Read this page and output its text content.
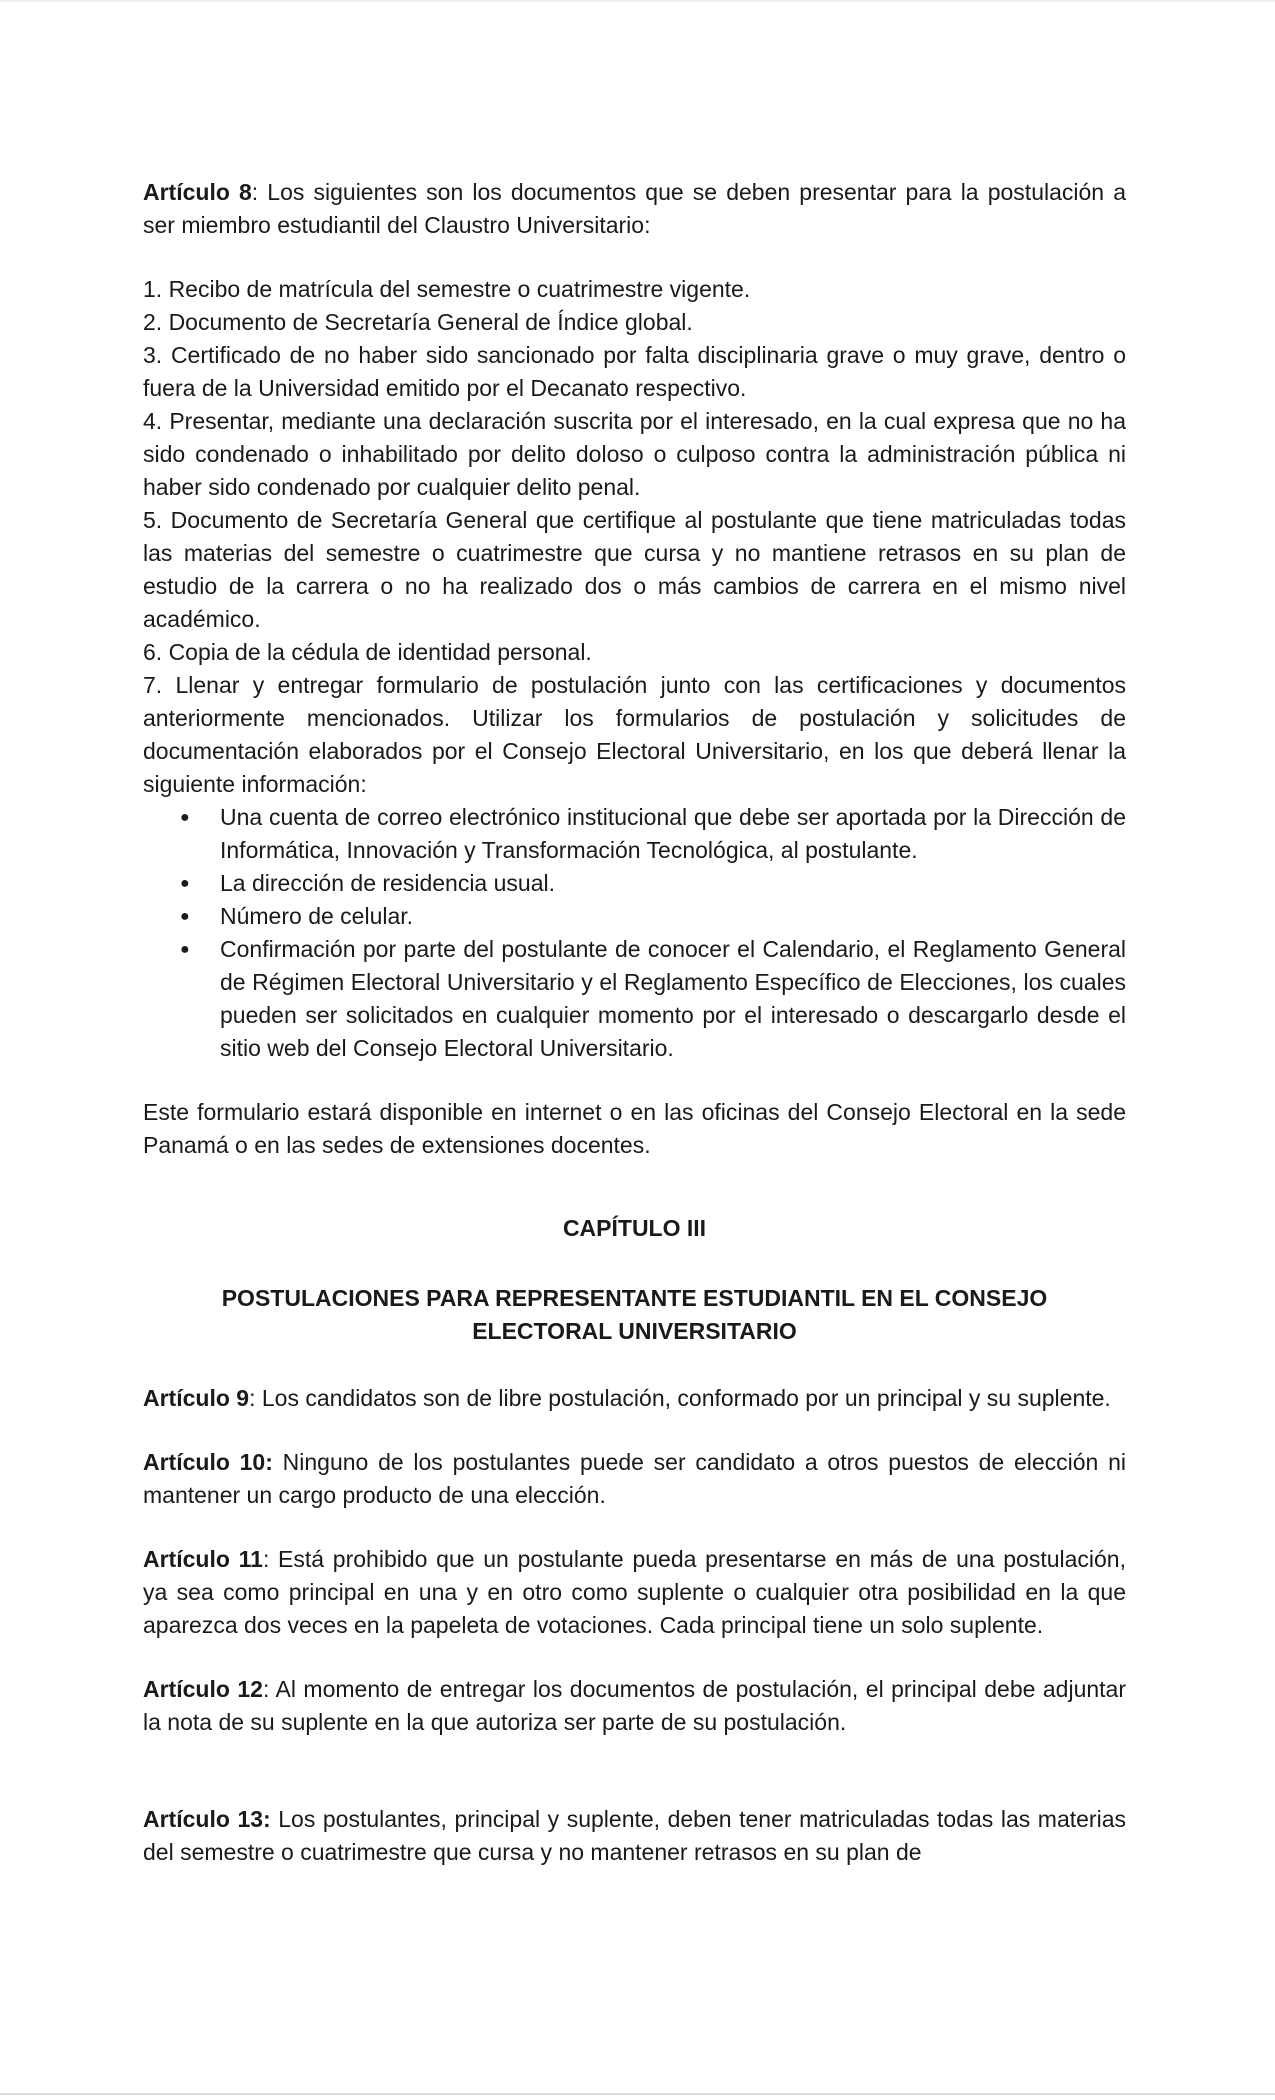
Artículo 8: Los siguientes son los documentos que se deben presentar para la postulación a ser miembro estudiantil del Claustro Universitario:

1. Recibo de matrícula del semestre o cuatrimestre vigente.
2. Documento de Secretaría General de Índice global.
3. Certificado de no haber sido sancionado por falta disciplinaria grave o muy grave, dentro o fuera de la Universidad emitido por el Decanato respectivo.
4. Presentar, mediante una declaración suscrita por el interesado, en la cual expresa que no ha sido condenado o inhabilitado por delito doloso o culposo contra la administración pública ni haber sido condenado por cualquier delito penal.
5. Documento de Secretaría General que certifique al postulante que tiene matriculadas todas las materias del semestre o cuatrimestre que cursa y no mantiene retrasos en su plan de estudio de la carrera o no ha realizado dos o más cambios de carrera en el mismo nivel académico.
6. Copia de la cédula de identidad personal.
7. Llenar y entregar formulario de postulación junto con las certificaciones y documentos anteriormente mencionados. Utilizar los formularios de postulación y solicitudes de documentación elaborados por el Consejo Electoral Universitario, en los que deberá llenar la siguiente información:
● Una cuenta de correo electrónico institucional que debe ser aportada por la Dirección de Informática, Innovación y Transformación Tecnológica, al postulante.
● La dirección de residencia usual.
● Número de celular.
● Confirmación por parte del postulante de conocer el Calendario, el Reglamento General de Régimen Electoral Universitario y el Reglamento Específico de Elecciones, los cuales pueden ser solicitados en cualquier momento por el interesado o descargarlo desde el sitio web del Consejo Electoral Universitario.

Este formulario estará disponible en internet o en las oficinas del Consejo Electoral en la sede Panamá o en las sedes de extensiones docentes.

CAPÍTULO III

POSTULACIONES PARA REPRESENTANTE ESTUDIANTIL EN EL CONSEJO ELECTORAL UNIVERSITARIO

Artículo 9: Los candidatos son de libre postulación, conformado por un principal y su suplente.

Artículo 10: Ninguno de los postulantes puede ser candidato a otros puestos de elección ni mantener un cargo producto de una elección.

Artículo 11: Está prohibido que un postulante pueda presentarse en más de una postulación, ya sea como principal en una y en otro como suplente o cualquier otra posibilidad en la que aparezca dos veces en la papeleta de votaciones. Cada principal tiene un solo suplente.

Artículo 12: Al momento de entregar los documentos de postulación, el principal debe adjuntar la nota de su suplente en la que autoriza ser parte de su postulación.

Artículo 13: Los postulantes, principal y suplente, deben tener matriculadas todas las materias del semestre o cuatrimestre que cursa y no mantener retrasos en su plan de
